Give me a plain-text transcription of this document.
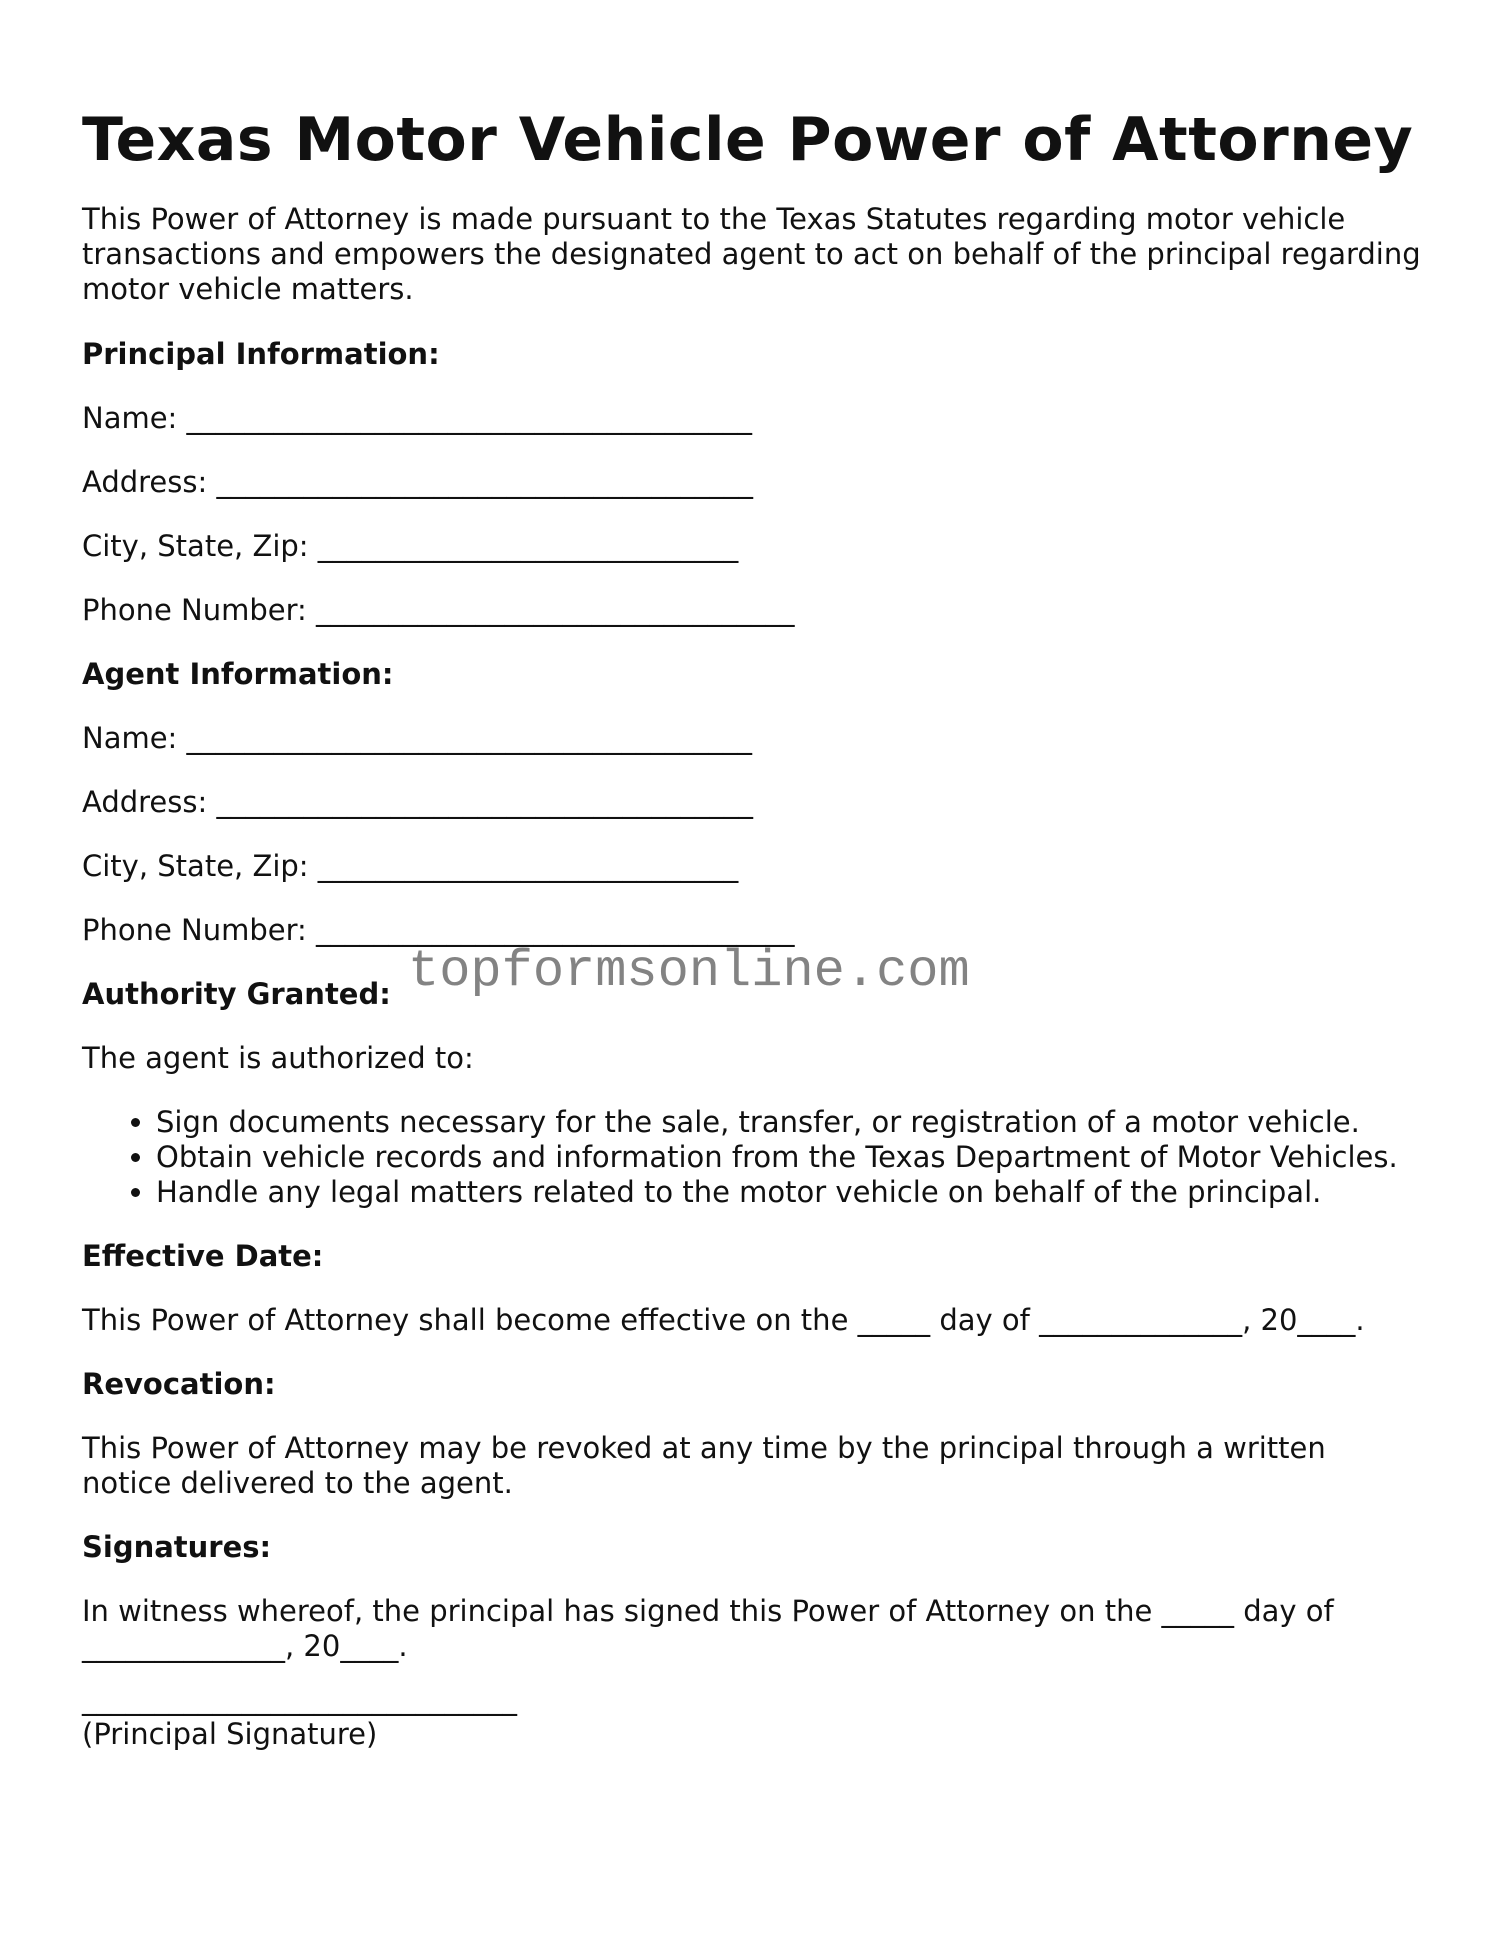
Texas Motor Vehicle Power of Attorney

This Power of Attorney is made pursuant to the Texas Statutes regarding motor vehicle transactions and empowers the designated agent to act on behalf of the principal regarding motor vehicle matters.

Principal Information:
Name: _______________________________________
Address: _____________________________________
City, State, Zip: _____________________________
Phone Number: _________________________________
Agent Information:
Name: _______________________________________
Address: _____________________________________
City, State, Zip: _____________________________
Phone Number: _________________________________
Authority Granted:

The agent is authorized to:

• Sign documents necessary for the sale, transfer, or registration of a motor vehicle.
• Obtain vehicle records and information from the Texas Department of Motor Vehicles.
• Handle any legal matters related to the motor vehicle on behalf of the principal.
Effective Date:

This Power of Attorney shall become effective on the _____ day of ______________, 20____.

Revocation:

This Power of Attorney may be revoked at any time by the principal through a written notice delivered to the agent.

Signatures:

In witness whereof, the principal has signed this Power of Attorney on the _____ day of ______________, 20____.

______________________________

(Principal Signature)

topformsonline.com
